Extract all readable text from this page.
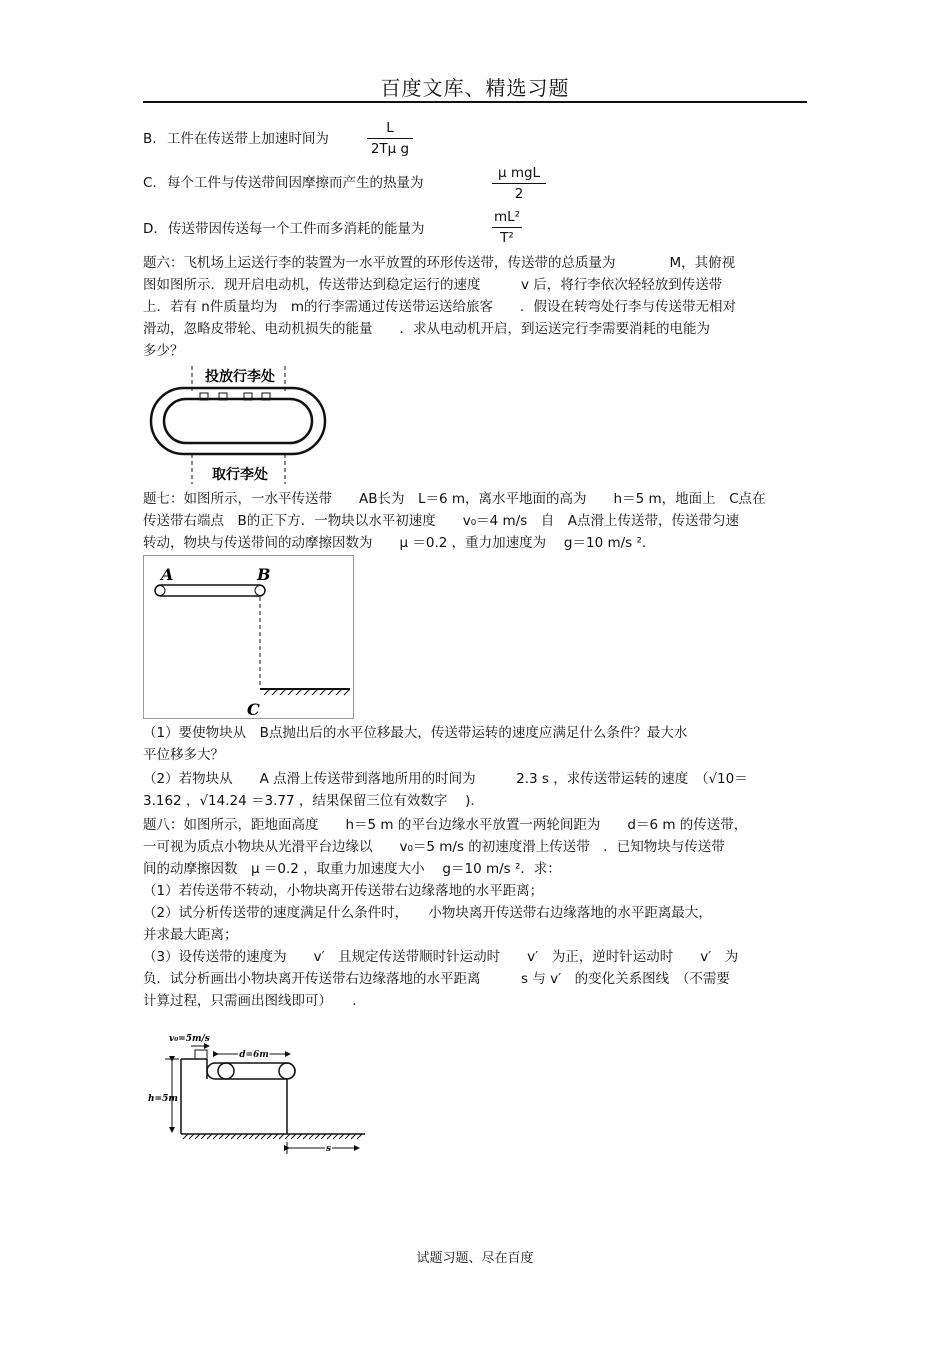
百度文库、精选习题
B. 工件在传送带上加速时间为
L
2Tμ g
C. 每个工件与传送带间因摩擦而产生的热量为
μ mgL
2
D. 传送带因传送每一个工件而多消耗的能量为
mL²
T²
题六：飞机场上运送行李的装置为一水平放置的环形传送带，传送带的总质量为　　　　M，其俯视
图如图所示．现开启电动机，传送带达到稳定运行的速度　　　v 后，将行李依次轻轻放到传送带
上．若有 n件质量均为　m的行李需通过传送带运送给旅客　　．假设在转弯处行李与传送带无相对
滑动，忽略皮带轮、电动机损失的能量　　．求从电动机开启，到运送完行李需要消耗的电能为
多少？
投放行李处
取行李处
题七：如图所示，一水平传送带　　AB长为　L＝6 m，离水平地面的高为　　h＝5 m，地面上　C点在
传送带右端点　B的正下方．一物块以水平初速度　　v₀＝4 m/s　自　A点滑上传送带，传送带匀速
转动，物块与传送带间的动摩擦因数为　　μ ＝0.2 ，重力加速度为　 g＝10 m/s ².
A	B
C
（1）要使物块从　B点抛出后的水平位移最大，传送带运转的速度应满足什么条件？最大水
平位移多大？
（2）若物块从　　A 点滑上传送带到落地所用的时间为　　　2.3 s ，求传送带运转的速度　（√10＝
3.162 ，√14.24 ＝3.77 ，结果保留三位有效数字　 ).
题八：如图所示，距地面高度　　h＝5 m 的平台边缘水平放置一两轮间距为　　d＝6 m 的传送带，
一可视为质点小物块从光滑平台边缘以　　v₀＝5 m/s 的初速度滑上传送带　．已知物块与传送带
间的动摩擦因数　μ ＝0.2 ，取重力加速度大小　 g＝10 m/s ²．求：
（1）若传送带不转动，小物块离开传送带右边缘落地的水平距离；
（2）试分析传送带的速度满足什么条件时，　　小物块离开传送带右边缘落地的水平距离最大，
并求最大距离；
（3）设传送带的速度为　　v′　且规定传送带顺时针运动时　　v′　为正，逆时针运动时　　v′　为
负．试分析画出小物块离开传送带右边缘落地的水平距离　　　s 与 v′　的变化关系图线　（不需要
计算过程，只需画出图线即可）　　.
v₀=5m/s
h=5m
d=6m
s
试题习题、尽在百度
